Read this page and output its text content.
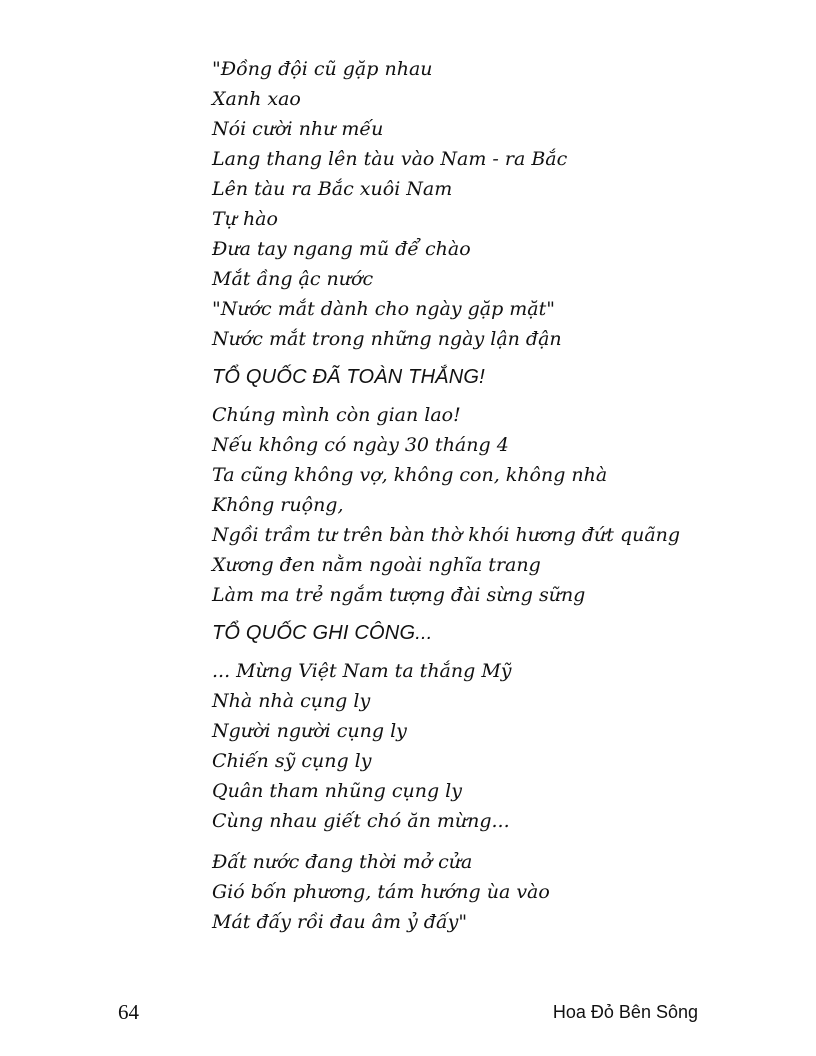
"Đồng đội cũ gặp nhau
Xanh xao
Nói cười như mếu
Lang thang lên tàu vào Nam - ra Bắc
Lên tàu ra Bắc xuôi Nam
Tự hào
Đưa tay ngang mũ để chào
Mắt ầng ậc nước
"Nước mắt dành cho ngày gặp mặt"
Nước mắt trong những ngày lận đận
TỔ QUỐC ĐÃ TOÀN THẮNG!
Chúng mình còn gian lao!
Nếu không có ngày 30 tháng 4
Ta cũng không vợ, không con, không nhà
Không ruộng,
Ngồi trầm tư trên bàn thờ khói hương đứt quãng
Xương đen nằm ngoài nghĩa trang
Làm ma trẻ ngắm tượng đài sừng sững
TỔ QUỐC GHI CÔNG...
... Mừng Việt Nam ta thắng Mỹ
Nhà nhà cụng ly
Người người cụng ly
Chiến sỹ cụng ly
Quân tham nhũng cụng ly
Cùng nhau giết chó ăn mừng...
Đất nước đang thời mở cửa
Gió bốn phương, tám hướng ùa vào
Mát đấy rồi đau âm ỷ đấy"
64	Hoa Đỏ Bên Sông
